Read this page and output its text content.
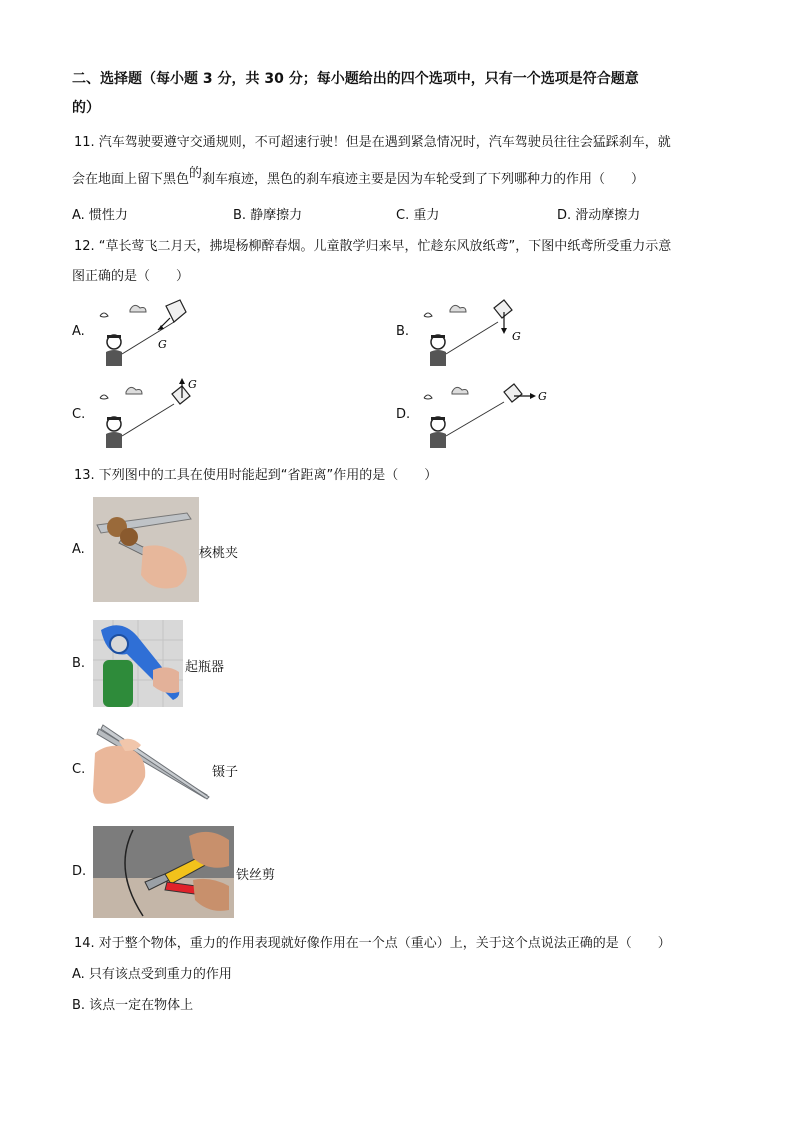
二、选择题（每小题 3 分，共 30 分；每小题给出的四个选项中，只有一个选项是符合题意
的）
11. 汽车驾驶要遵守交通规则，不可超速行驶！但是在遇到紧急情况时，汽车驾驶员往往会猛踩刹车，就
会在地面上留下黑色的刹车痕迹，黑色的刹车痕迹主要是因为车轮受到了下列哪种力的作用（　　）
A. 惯性力	B. 静摩擦力	C. 重力	D. 滑动摩擦力
12. “草长莺飞二月天，拂堤杨柳醉春烟。儿童散学归来早，忙趁东风放纸鸢”，下图中纸鸢所受重力示意
图正确的是（　　）
A.	B.
C.	D.
G
G
G
G
13. 下列图中的工具在使用时能起到“省距离”作用的是（　　）
A.	核桃夹
B.	起瓶器
C.	镊子
D.	铁丝剪
14. 对于整个物体，重力的作用表现就好像作用在一个点（重心）上，关于这个点说法正确的是（　　）
A. 只有该点受到重力的作用
B. 该点一定在物体上
